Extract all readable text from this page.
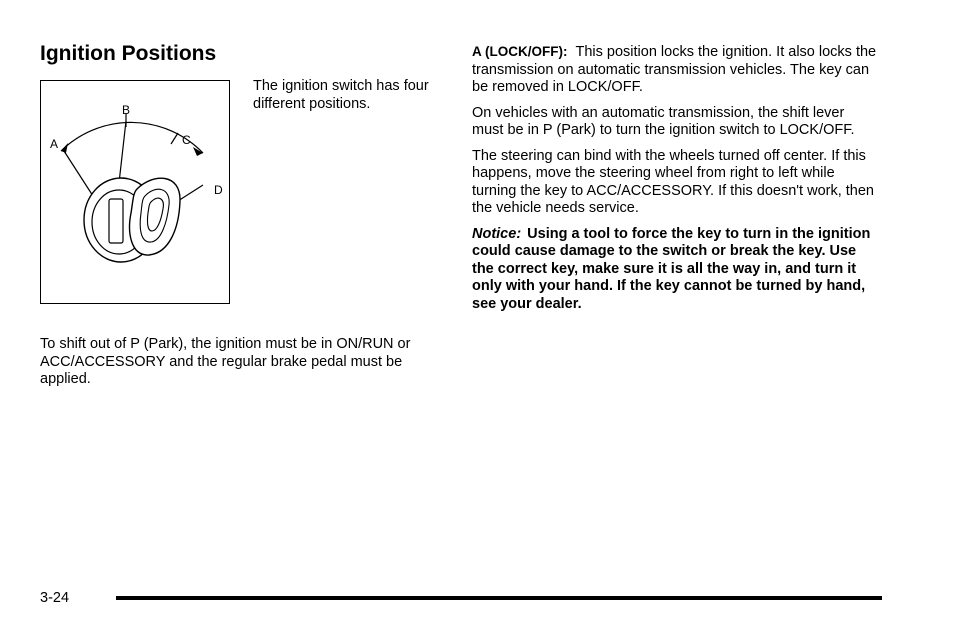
Ignition Positions
B
A	C
D

The ignition switch has four different positions.

To shift out of P (Park), the ignition must be in ON/RUN or ACC/ACCESSORY and the regular brake pedal must be applied.

A (LOCK/OFF): This position locks the ignition. It also locks the transmission on automatic transmission vehicles. The key can be removed in LOCK/OFF.

On vehicles with an automatic transmission, the shift lever must be in P (Park) to turn the ignition switch to LOCK/OFF.

The steering can bind with the wheels turned off center. If this happens, move the steering wheel from right to left while turning the key to ACC/ACCESSORY. If this doesn't work, then the vehicle needs service.

Notice: Using a tool to force the key to turn in the ignition could cause damage to the switch or break the key. Use the correct key, make sure it is all the way in, and turn it only with your hand. If the key cannot be turned by hand, see your dealer.

3-24
